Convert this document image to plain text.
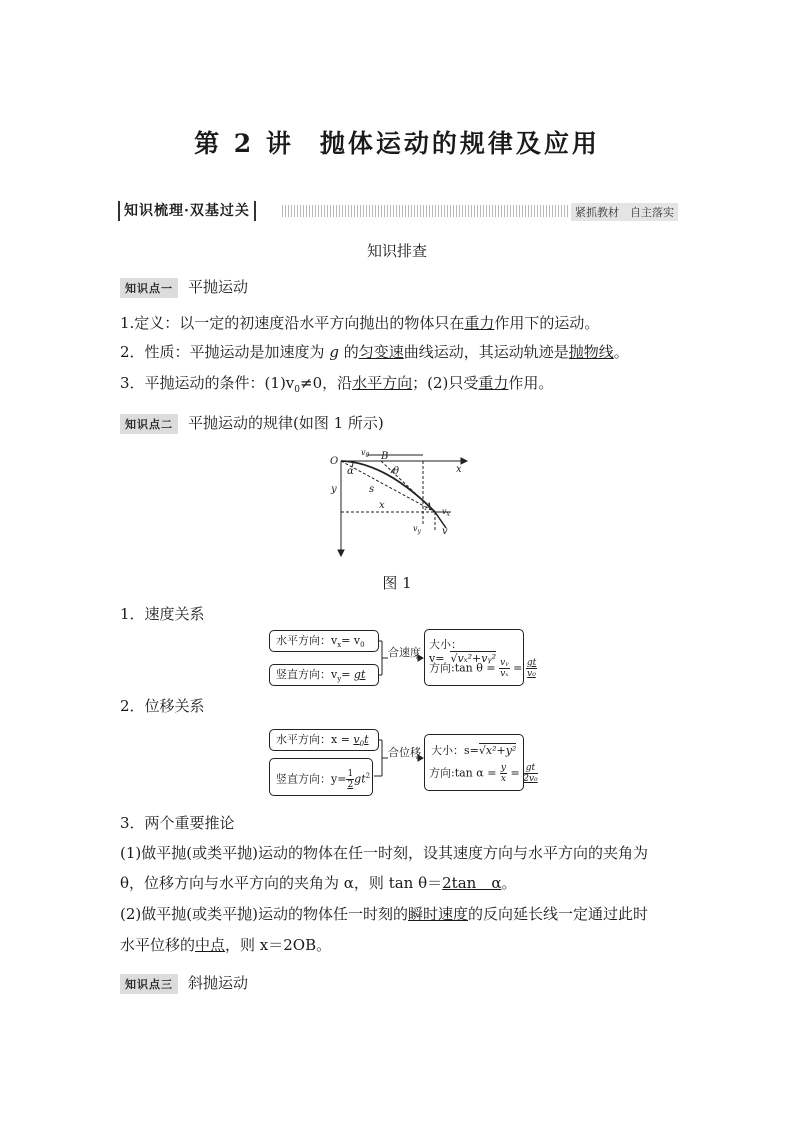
第 2 讲 抛体运动的规律及应用
知识梳理·双基过关	紧抓教材　 自主落实
知识排查
知识点一 平抛运动
1.定义：以一定的初速度沿水平方向抛出的物体只在重力作用下的运动。
2．性质：平抛运动是加速度为 g 的匀变速曲线运动，其运动轨迹是抛物线。
3．平抛运动的条件：$(1)v_0\ne 0$，沿水平方向；(2)只受重力作用。
知识点二 平抛运动的规律(如图 1 所示)
O
x
y
B
A
s
$v_0$
θ
α
x
$v_x$
$v_y$ v
图 1
1．速度关系
水平方向：$v_x= v_0$
竖直方向：$v_y=$ gt
合速度
大小：v= √vₓ²+vᵧ²
方向:tan $\theta = \frac{\text{vᵧ}}{\text{vₓ}} = \frac{gt}{\text{v₀}}$
2．位移关系
水平方向：$x = v_0t$
竖直方向：$y= \frac{1}{2} gt^2$
合位移 大小：s=√x²+y²
方向:tan $\alpha = \frac{y}{x} = \frac{gt}{\text{2v₀}}$
3．两个重要推论
(1)做平抛(或类平抛)运动的物体在任一时刻，设其速度方向与水平方向的夹角为
θ，位移方向与水平方向的夹角为 α，则 tan θ＝2tan　α。
(2)做平抛(或类平抛)运动的物体任一时刻的瞬时速度的反向延长线一定通过此时
水平位移的中点，则 x＝2OB。
知识点三 斜抛运动
